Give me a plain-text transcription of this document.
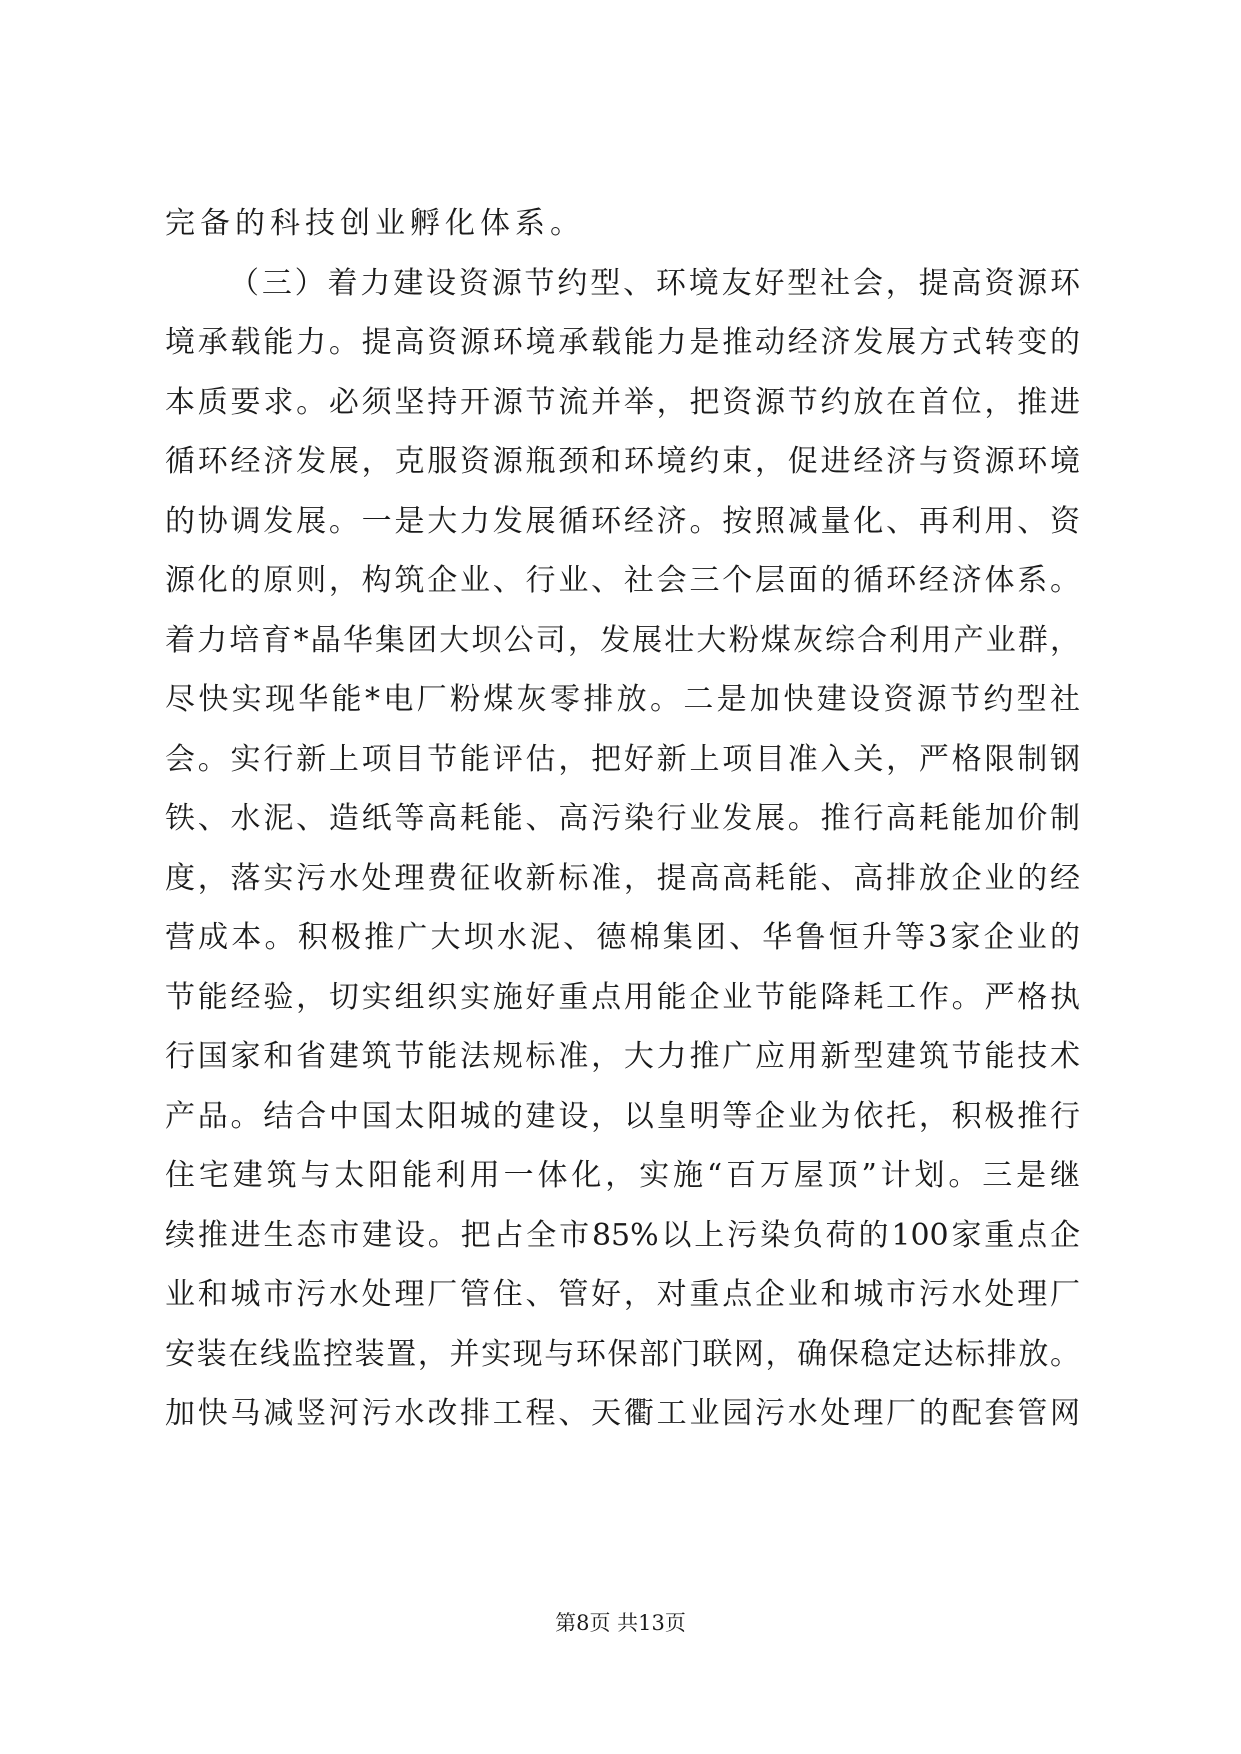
完备的科技创业孵化体系。
（三）着力建设资源节约型、环境友好型社会，提高资源环
境承载能力。提高资源环境承载能力是推动经济发展方式转变的
本质要求。必须坚持开源节流并举，把资源节约放在首位，推进
循环经济发展，克服资源瓶颈和环境约束，促进经济与资源环境
的协调发展。一是大力发展循环经济。按照减量化、再利用、资
源化的原则，构筑企业、行业、社会三个层面的循环经济体系。
着力培育*晶华集团大坝公司，发展壮大粉煤灰综合利用产业群，
尽快实现华能*电厂粉煤灰零排放。二是加快建设资源节约型社
会。实行新上项目节能评估，把好新上项目准入关，严格限制钢
铁、水泥、造纸等高耗能、高污染行业发展。推行高耗能加价制
度，落实污水处理费征收新标准，提高高耗能、高排放企业的经
营成本。积极推广大坝水泥、德棉集团、华鲁恒升等3家企业的
节能经验，切实组织实施好重点用能企业节能降耗工作。严格执
行国家和省建筑节能法规标准，大力推广应用新型建筑节能技术
产品。结合中国太阳城的建设，以皇明等企业为依托，积极推行
住宅建筑与太阳能利用一体化，实施“百万屋顶”计划。三是继
续推进生态市建设。把占全市85%以上污染负荷的100家重点企
业和城市污水处理厂管住、管好，对重点企业和城市污水处理厂
安装在线监控装置，并实现与环保部门联网，确保稳定达标排放。
加快马减竖河污水改排工程、天衢工业园污水处理厂的配套管网
第8页 共13页
